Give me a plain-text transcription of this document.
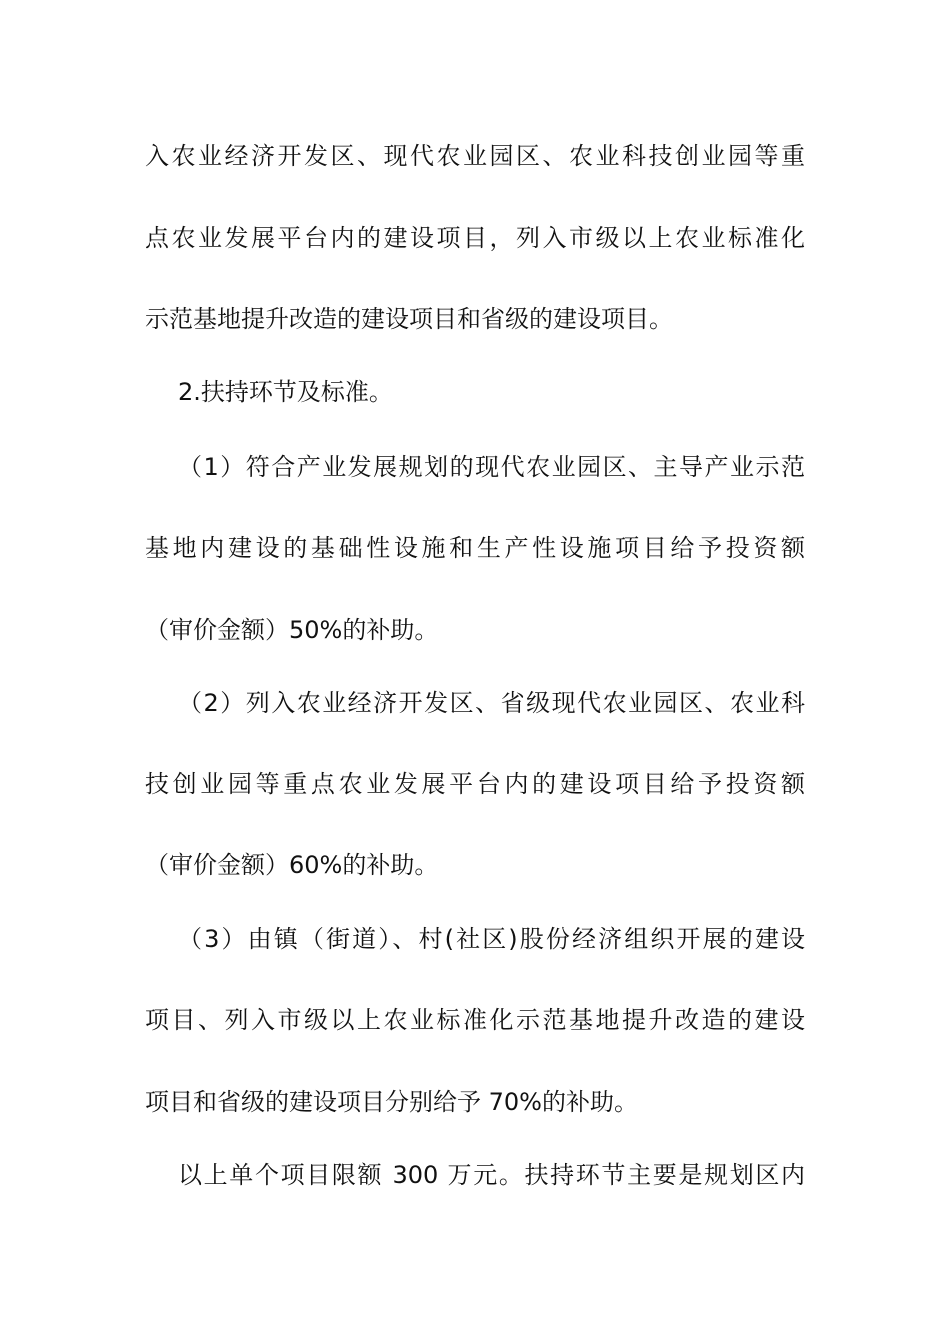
入农业经济开发区、现代农业园区、农业科技创业园等重
点农业发展平台内的建设项目，列入市级以上农业标准化
示范基地提升改造的建设项目和省级的建设项目。
2.扶持环节及标准。
（1）符合产业发展规划的现代农业园区、主导产业示范
基地内建设的基础性设施和生产性设施项目给予投资额
（审价金额）50%的补助。
（2）列入农业经济开发区、省级现代农业园区、农业科
技创业园等重点农业发展平台内的建设项目给予投资额
（审价金额）60%的补助。
（3）由镇（街道）、村(社区)股份经济组织开展的建设
项目、列入市级以上农业标准化示范基地提升改造的建设
项目和省级的建设项目分别给予 70%的补助。
以上单个项目限额 300 万元。扶持环节主要是规划区内
